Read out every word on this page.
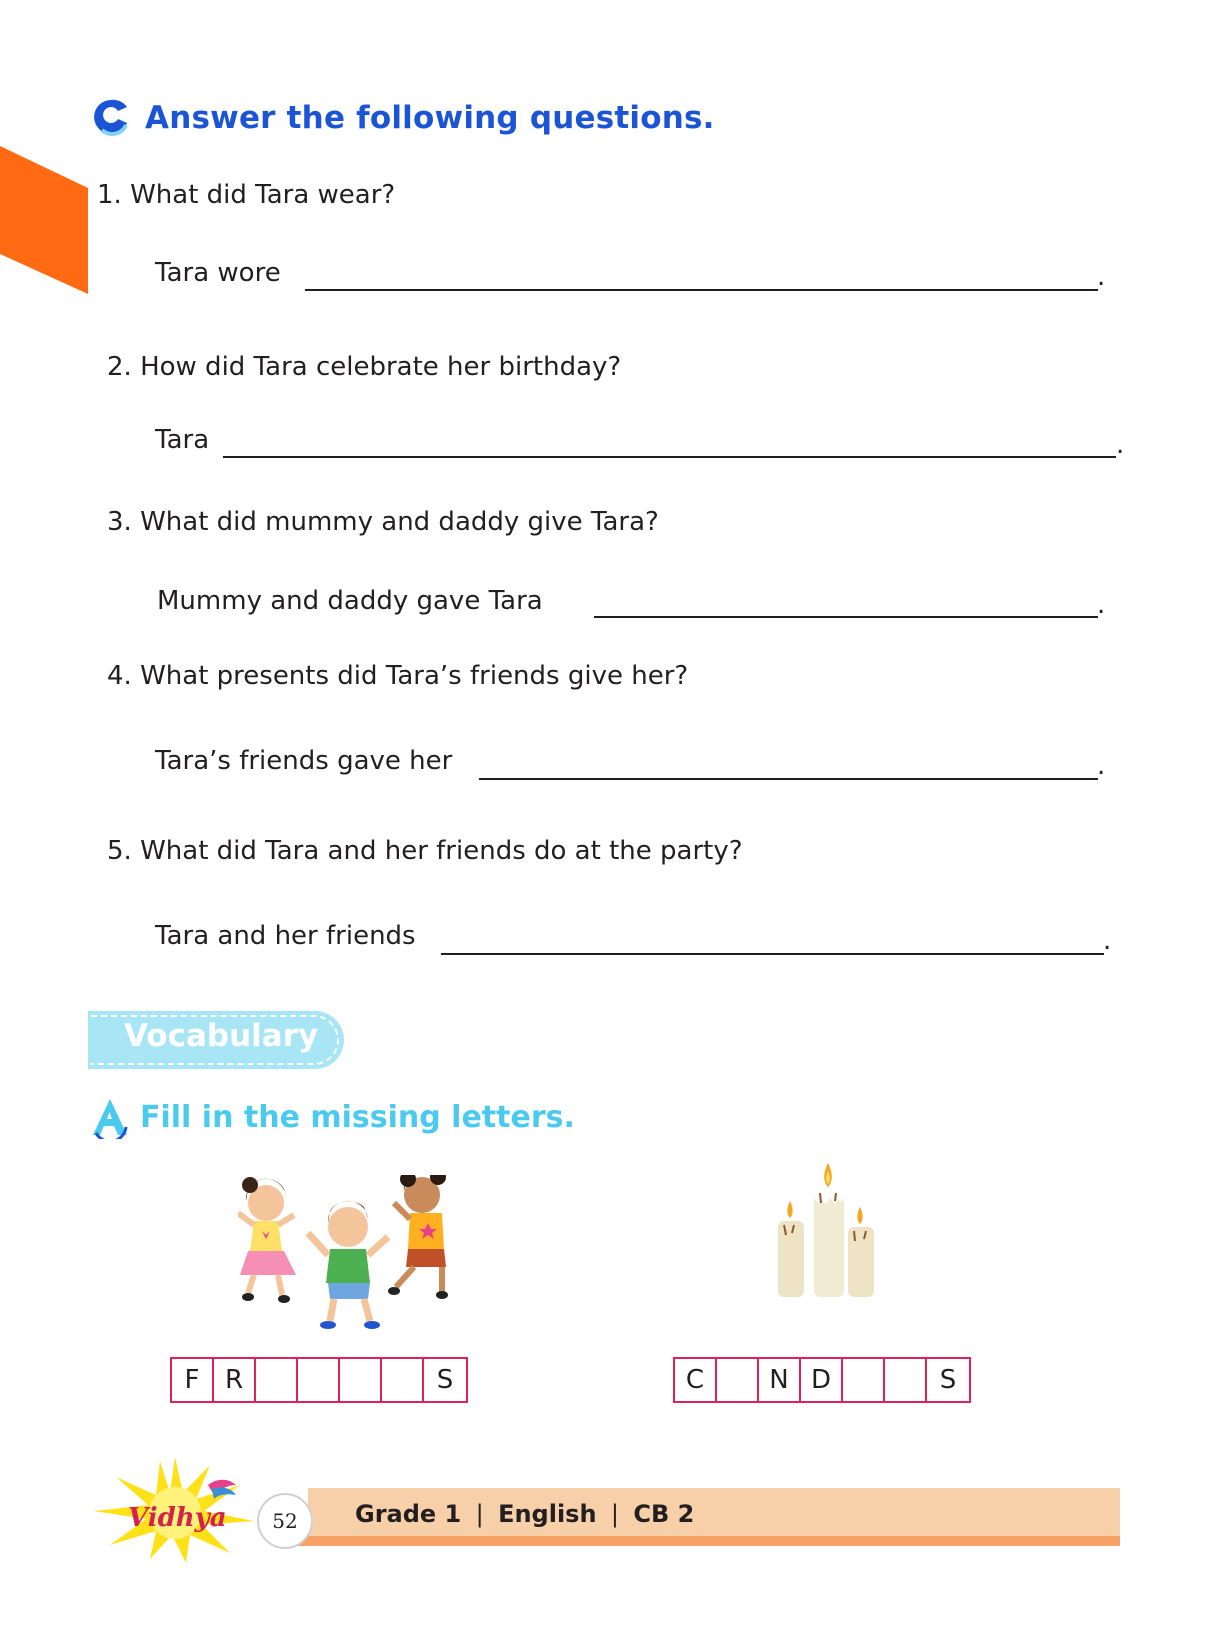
Answer the following questions.
1. What did Tara wear?
Tara wore	.
2. How did Tara celebrate her birthday?
Tara	.
3. What did mummy and daddy give Tara?
Mummy and daddy gave Tara	.
4. What presents did Tara’s friends give her?
Tara’s friends gave her	.
5. What did Tara and her friends do at the party?
Tara and her friends	.
Vocabulary
Fill in the missing letters.
F R	S	C	N D	S
Vidhya	52	Grade 1 | English | CB 2
